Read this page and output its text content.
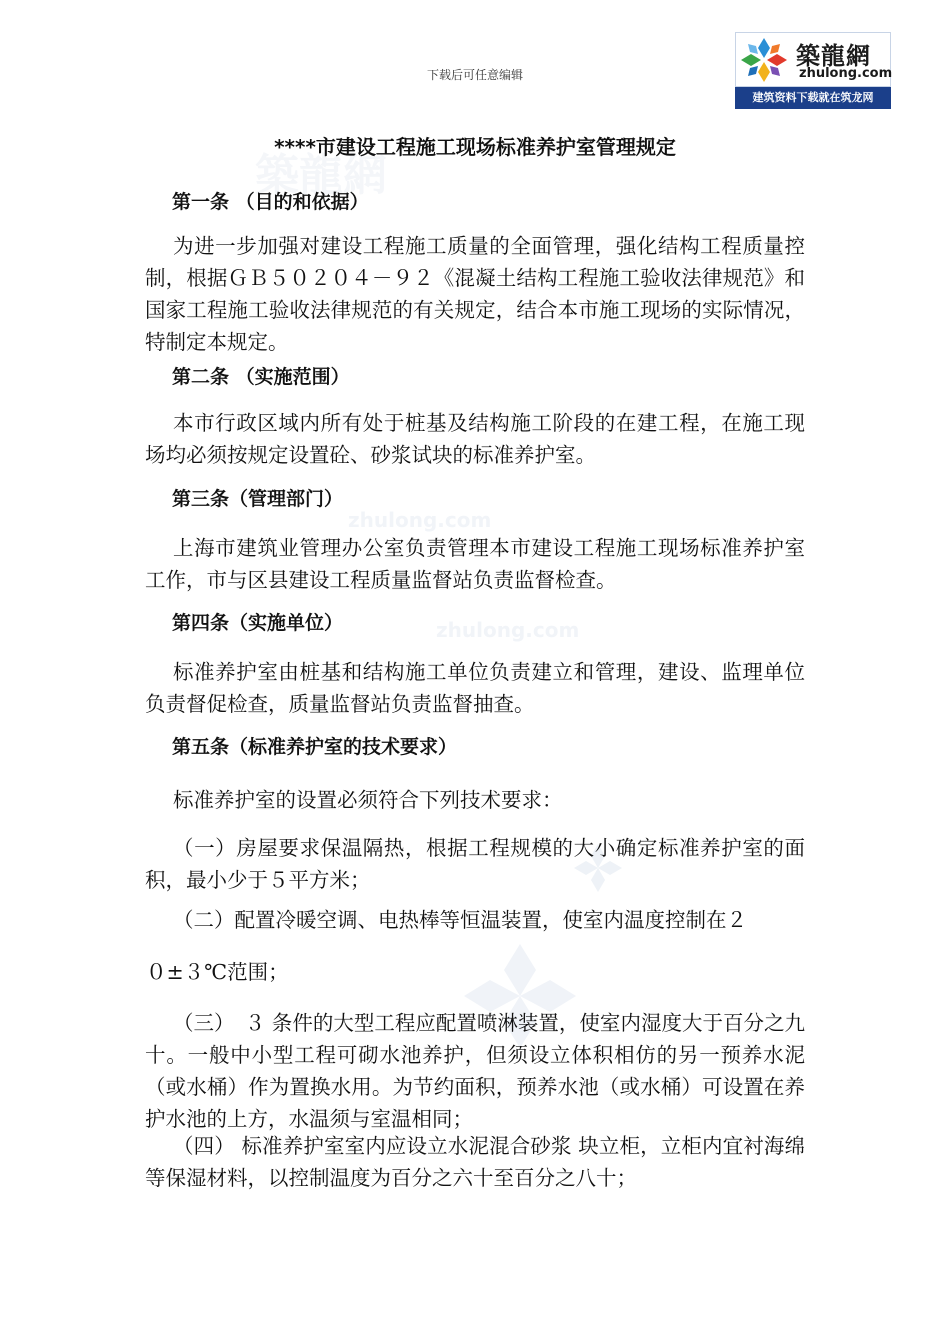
築龍網
zhulong.com
zhulong.com
下载后可任意编辑
築龍網
zhulong.com
建筑资料下载就在筑龙网
****市建设工程施工现场标准养护室管理规定
第一条 （目的和依据）
为进一步加强对建设工程施工质量的全面管理，强化结构工程质量控制，根据ＧＢ５０２０４－９２《混凝土结构工程施工验收法律规范》和国家工程施工验收法律规范的有关规定，结合本市施工现场的实际情况，特制定本规定。
第二条 （实施范围）
本市行政区域内所有处于桩基及结构施工阶段的在建工程，在施工现场均必须按规定设置砼、砂浆试块的标准养护室。
第三条（管理部门）
上海市建筑业管理办公室负责管理本市建设工程施工现场标准养护室工作，市与区县建设工程质量监督站负责监督检查。
第四条（实施单位）
标准养护室由桩基和结构施工单位负责建立和管理，建设、监理单位负责督促检查，质量监督站负责监督抽查。
第五条（标准养护室的技术要求）
标准养护室的设置必须符合下列技术要求：
（一）房屋要求保温隔热，根据工程规模的大小确定标准养护室的面积，最小少于５平方米；
（二）配置冷暖空调、电热棒等恒温装置，使室内温度控制在２
０±３℃范围；
（三）　３ 条件的大型工程应配置喷淋装置，使室内湿度大于百分之九十。一般中小型工程可砌水池养护，但须设立体积相仿的另一预养水泥（或水桶）作为置换水用。为节约面积，预养水池（或水桶）可设置在养护水池的上方，水温须与室温相同；
（四） 标准养护室室内应设立水泥混合砂浆 块立柜，立柜内宜衬海绵等保湿材料，以控制温度为百分之六十至百分之八十；
